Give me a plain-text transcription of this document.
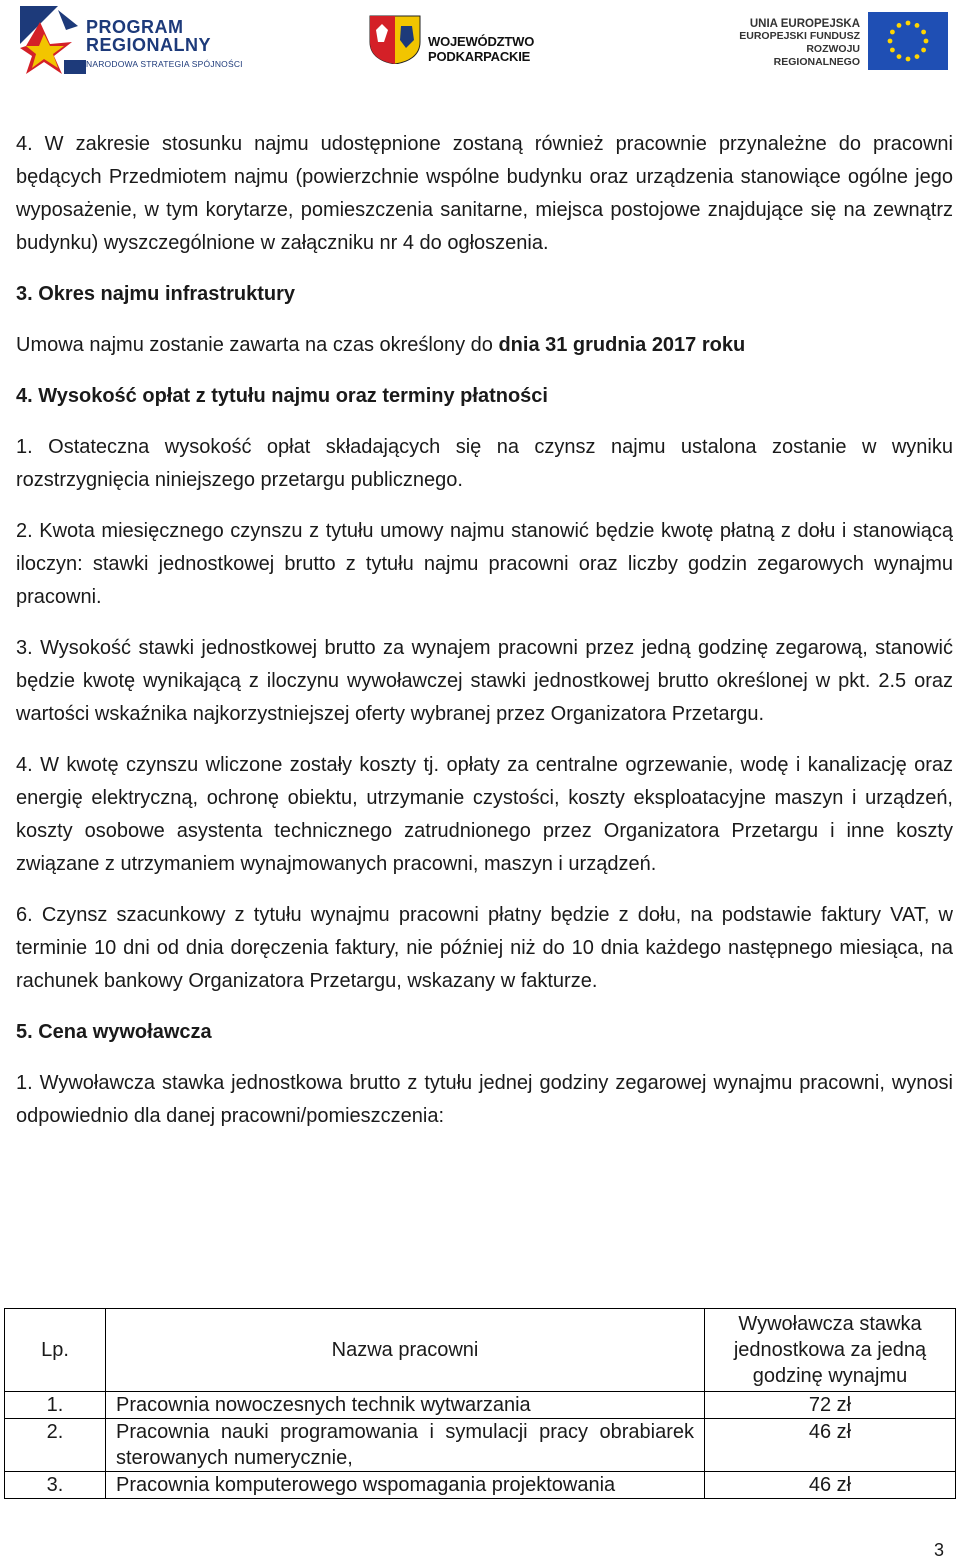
PROGRAM
REGIONALNY
NARODOWA STRATEGIA SPÓJNOŚCI
WOJEWÓDZTWO PODKARPACKIE
UNIA EUROPEJSKA
EUROPEJSKI FUNDUSZ
ROZWOJU REGIONALNEGO

4. W zakresie stosunku najmu udostępnione zostaną również pracownie przynależne do pracowni będących Przedmiotem najmu (powierzchnie wspólne budynku oraz urządzenia stanowiące ogólne jego wyposażenie, w tym korytarze, pomieszczenia sanitarne, miejsca postojowe znajdujące się na zewnątrz budynku) wyszczególnione w załączniku nr 4 do ogłoszenia.

3. Okres najmu infrastruktury

Umowa najmu zostanie zawarta na czas określony do dnia 31 grudnia 2017 roku

4. Wysokość opłat z tytułu najmu oraz terminy płatności

1. Ostateczna wysokość opłat składających się na czynsz najmu ustalona zostanie w wyniku rozstrzygnięcia niniejszego przetargu publicznego.

2. Kwota miesięcznego czynszu z tytułu umowy najmu stanowić będzie kwotę płatną z dołu i stanowiącą iloczyn: stawki jednostkowej brutto z tytułu najmu pracowni oraz liczby godzin zegarowych wynajmu pracowni.

3. Wysokość stawki jednostkowej brutto za wynajem pracowni przez jedną godzinę zegarową, stanowić będzie kwotę wynikającą z iloczynu wywoławczej stawki jednostkowej brutto określonej w pkt. 2.5 oraz wartości wskaźnika najkorzystniejszej oferty wybranej przez Organizatora Przetargu.

4. W kwotę czynszu wliczone zostały koszty tj. opłaty za centralne ogrzewanie, wodę i kanalizację oraz energię elektryczną, ochronę obiektu, utrzymanie czystości, koszty eksploatacyjne maszyn i urządzeń, koszty osobowe asystenta technicznego zatrudnionego przez Organizatora Przetargu i inne koszty związane z utrzymaniem wynajmowanych pracowni, maszyn i urządzeń.

6. Czynsz szacunkowy z tytułu wynajmu pracowni płatny będzie z dołu, na podstawie faktury VAT, w terminie 10 dni od dnia doręczenia faktury, nie później niż do 10 dnia każdego następnego miesiąca, na rachunek bankowy Organizatora Przetargu, wskazany w fakturze.

5. Cena wywoławcza

1. Wywoławcza stawka jednostkowa brutto z tytułu jednej godziny zegarowej wynajmu pracowni, wynosi odpowiednio dla danej pracowni/pomieszczenia:

Lp.	Nazwa pracowni	Wywoławcza stawka jednostkowa za jedną godzinę wynajmu
1.	Pracownia nowoczesnych technik wytwarzania	72 zł
2.	Pracownia nauki programowania i symulacji pracy obrabiarek sterowanych numerycznie,	46 zł
3.	Pracownia komputerowego wspomagania projektowania	46 zł
3
